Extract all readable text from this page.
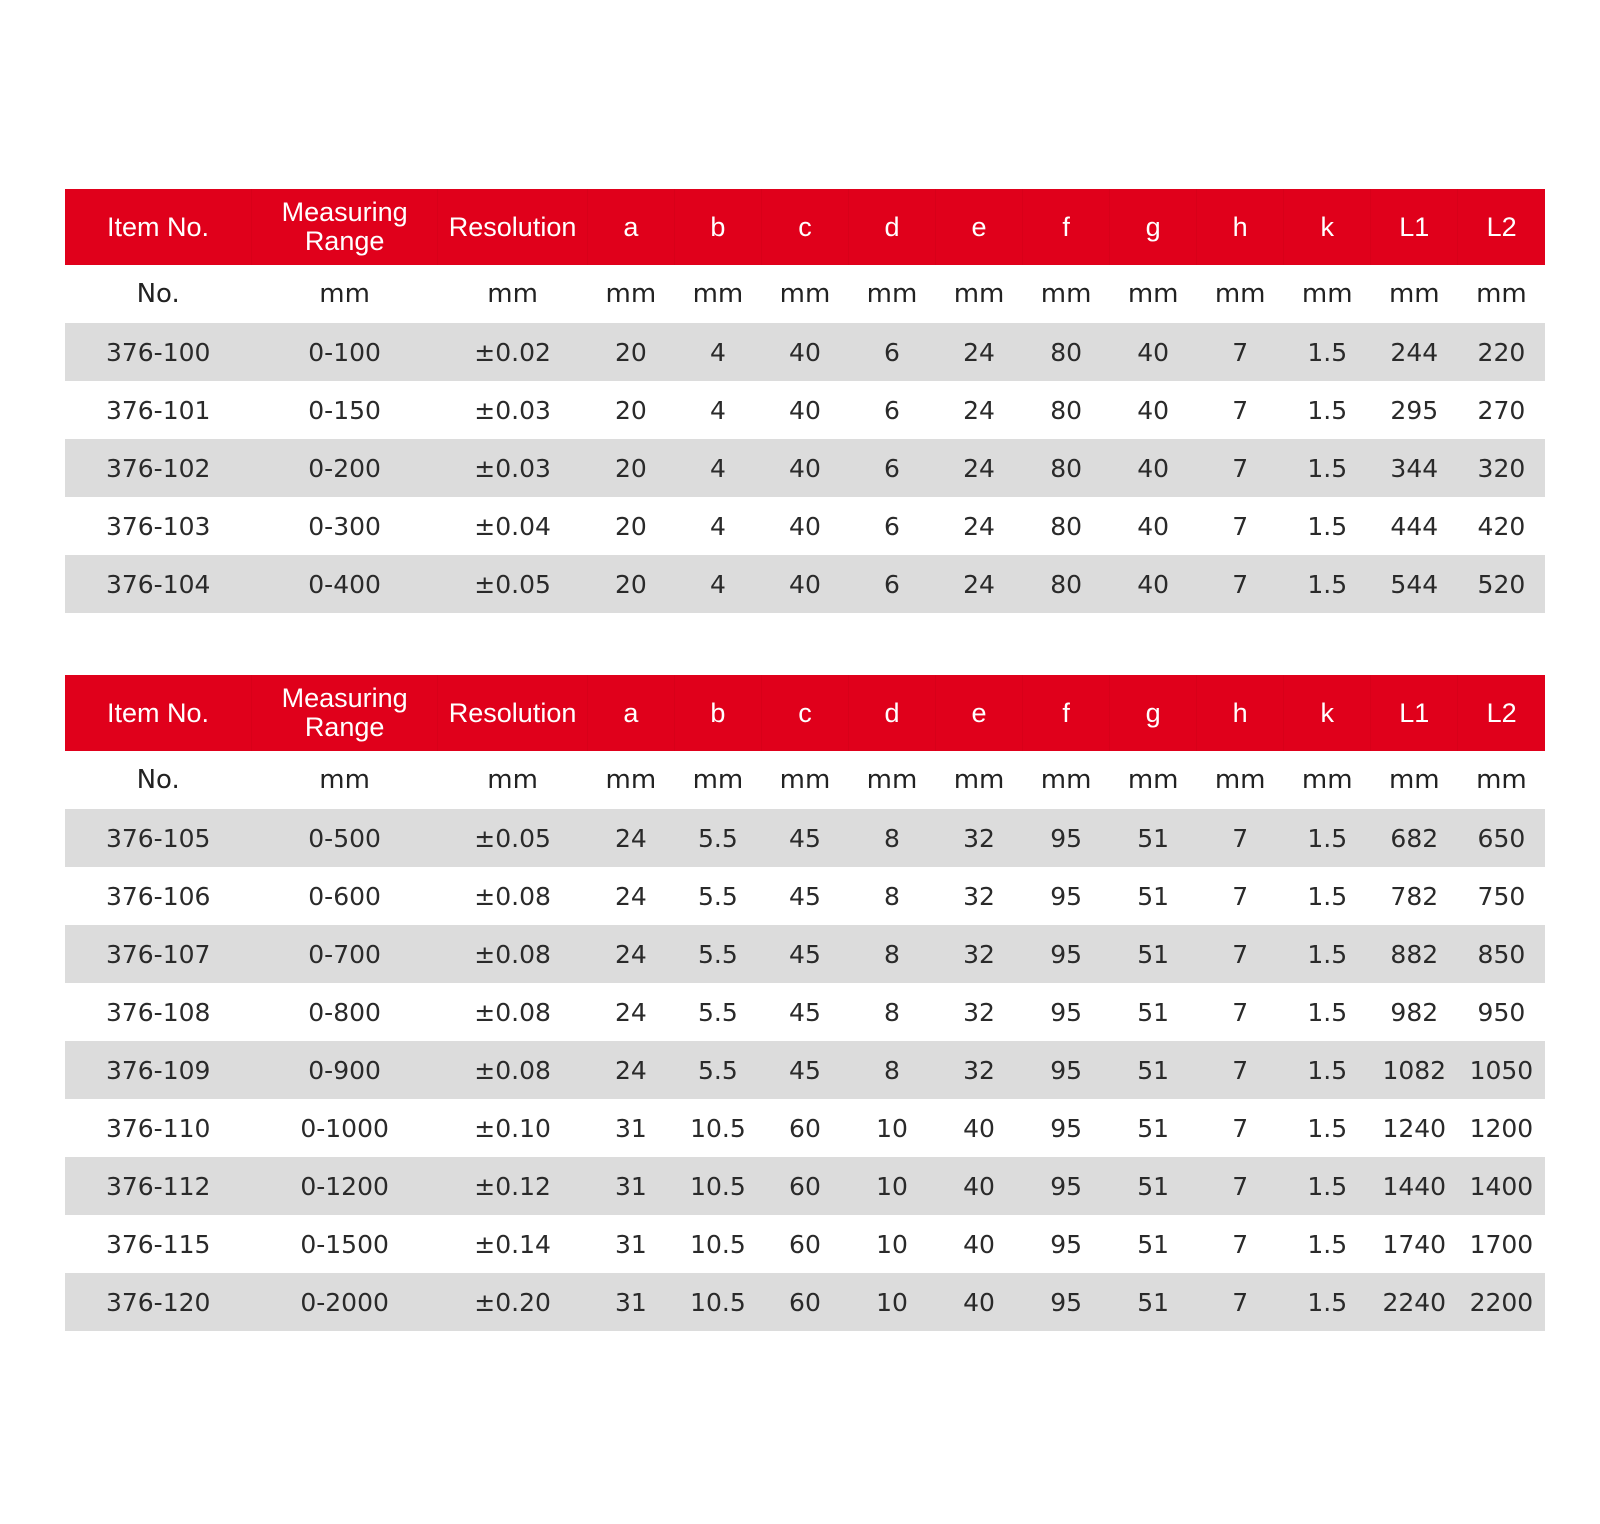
Item No.	Measuring Range	Resolution	a	b	c	d	e	f	g	h	k	L1	L2
No.	mm	mm	mm	mm	mm	mm	mm	mm	mm	mm	mm	mm	mm
376-100	0-100	±0.02	20	4	40	6	24	80	40	7	1.5	244	220
376-101	0-150	±0.03	20	4	40	6	24	80	40	7	1.5	295	270
376-102	0-200	±0.03	20	4	40	6	24	80	40	7	1.5	344	320
376-103	0-300	±0.04	20	4	40	6	24	80	40	7	1.5	444	420
376-104	0-400	±0.05	20	4	40	6	24	80	40	7	1.5	544	520
Item No.	Measuring Range	Resolution	a	b	c	d	e	f	g	h	k	L1	L2
No.	mm	mm	mm	mm	mm	mm	mm	mm	mm	mm	mm	mm	mm
376-105	0-500	±0.05	24	5.5	45	8	32	95	51	7	1.5	682	650
376-106	0-600	±0.08	24	5.5	45	8	32	95	51	7	1.5	782	750
376-107	0-700	±0.08	24	5.5	45	8	32	95	51	7	1.5	882	850
376-108	0-800	±0.08	24	5.5	45	8	32	95	51	7	1.5	982	950
376-109	0-900	±0.08	24	5.5	45	8	32	95	51	7	1.5	1082	1050
376-110	0-1000	±0.10	31	10.5	60	10	40	95	51	7	1.5	1240	1200
376-112	0-1200	±0.12	31	10.5	60	10	40	95	51	7	1.5	1440	1400
376-115	0-1500	±0.14	31	10.5	60	10	40	95	51	7	1.5	1740	1700
376-120	0-2000	±0.20	31	10.5	60	10	40	95	51	7	1.5	2240	2200
